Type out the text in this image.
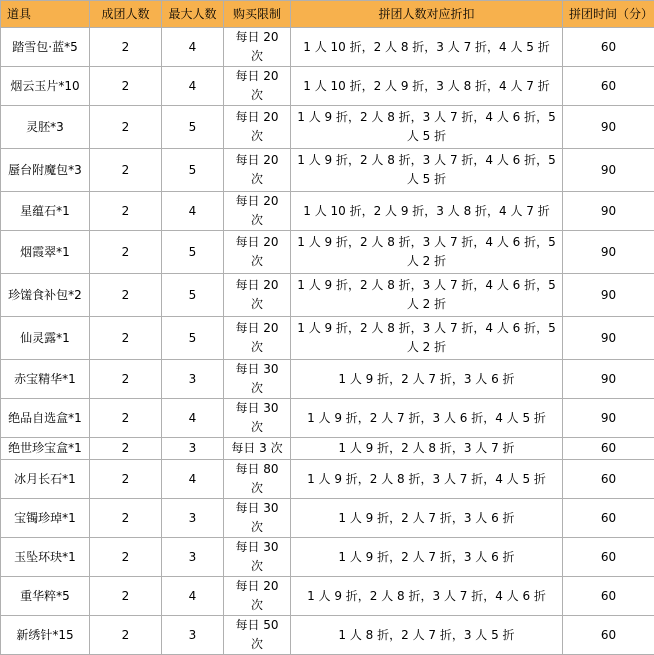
道具	成团人数	最大人数	购买限制	拼团人数对应折扣	拼团时间（分）
踏雪包·蓝*5	2	4	每日 20 次	1 人 10 折，2 人 8 折，3 人 7 折，4 人 5 折	60
烟云玉片*10	2	4	每日 20 次	1 人 10 折，2 人 9 折，3 人 8 折，4 人 7 折	60
灵胚*3	2	5	每日 20 次	1 人 9 折，2 人 8 折，3 人 7 折，4 人 6 折，5 人 5 折	90
蜃台附魔包*3	2	5	每日 20 次	1 人 9 折，2 人 8 折，3 人 7 折，4 人 6 折，5 人 5 折	90
星蕴石*1	2	4	每日 20 次	1 人 10 折，2 人 9 折，3 人 8 折，4 人 7 折	90
烟霞翠*1	2	5	每日 20 次	1 人 9 折，2 人 8 折，3 人 7 折，4 人 6 折，5 人 2 折	90
珍馐食补包*2	2	5	每日 20 次	1 人 9 折，2 人 8 折，3 人 7 折，4 人 6 折，5 人 2 折	90
仙灵露*1	2	5	每日 20 次	1 人 9 折，2 人 8 折，3 人 7 折，4 人 6 折，5 人 2 折	90
赤宝精华*1	2	3	每日 30 次	1 人 9 折，2 人 7 折，3 人 6 折	90
绝品自选盒*1	2	4	每日 30 次	1 人 9 折，2 人 7 折，3 人 6 折，4 人 5 折	90
绝世珍宝盒*1	2	3	每日 3 次	1 人 9 折，2 人 8 折，3 人 7 折	60
冰月长石*1	2	4	每日 80 次	1 人 9 折，2 人 8 折，3 人 7 折，4 人 5 折	60
宝镯珍琸*1	2	3	每日 30 次	1 人 9 折，2 人 7 折，3 人 6 折	60
玉坠环玦*1	2	3	每日 30 次	1 人 9 折，2 人 7 折，3 人 6 折	60
重华粹*5	2	4	每日 20 次	1 人 9 折，2 人 8 折，3 人 7 折，4 人 6 折	60
新绣针*15	2	3	每日 50 次	1 人 8 折，2 人 7 折，3 人 5 折	60
